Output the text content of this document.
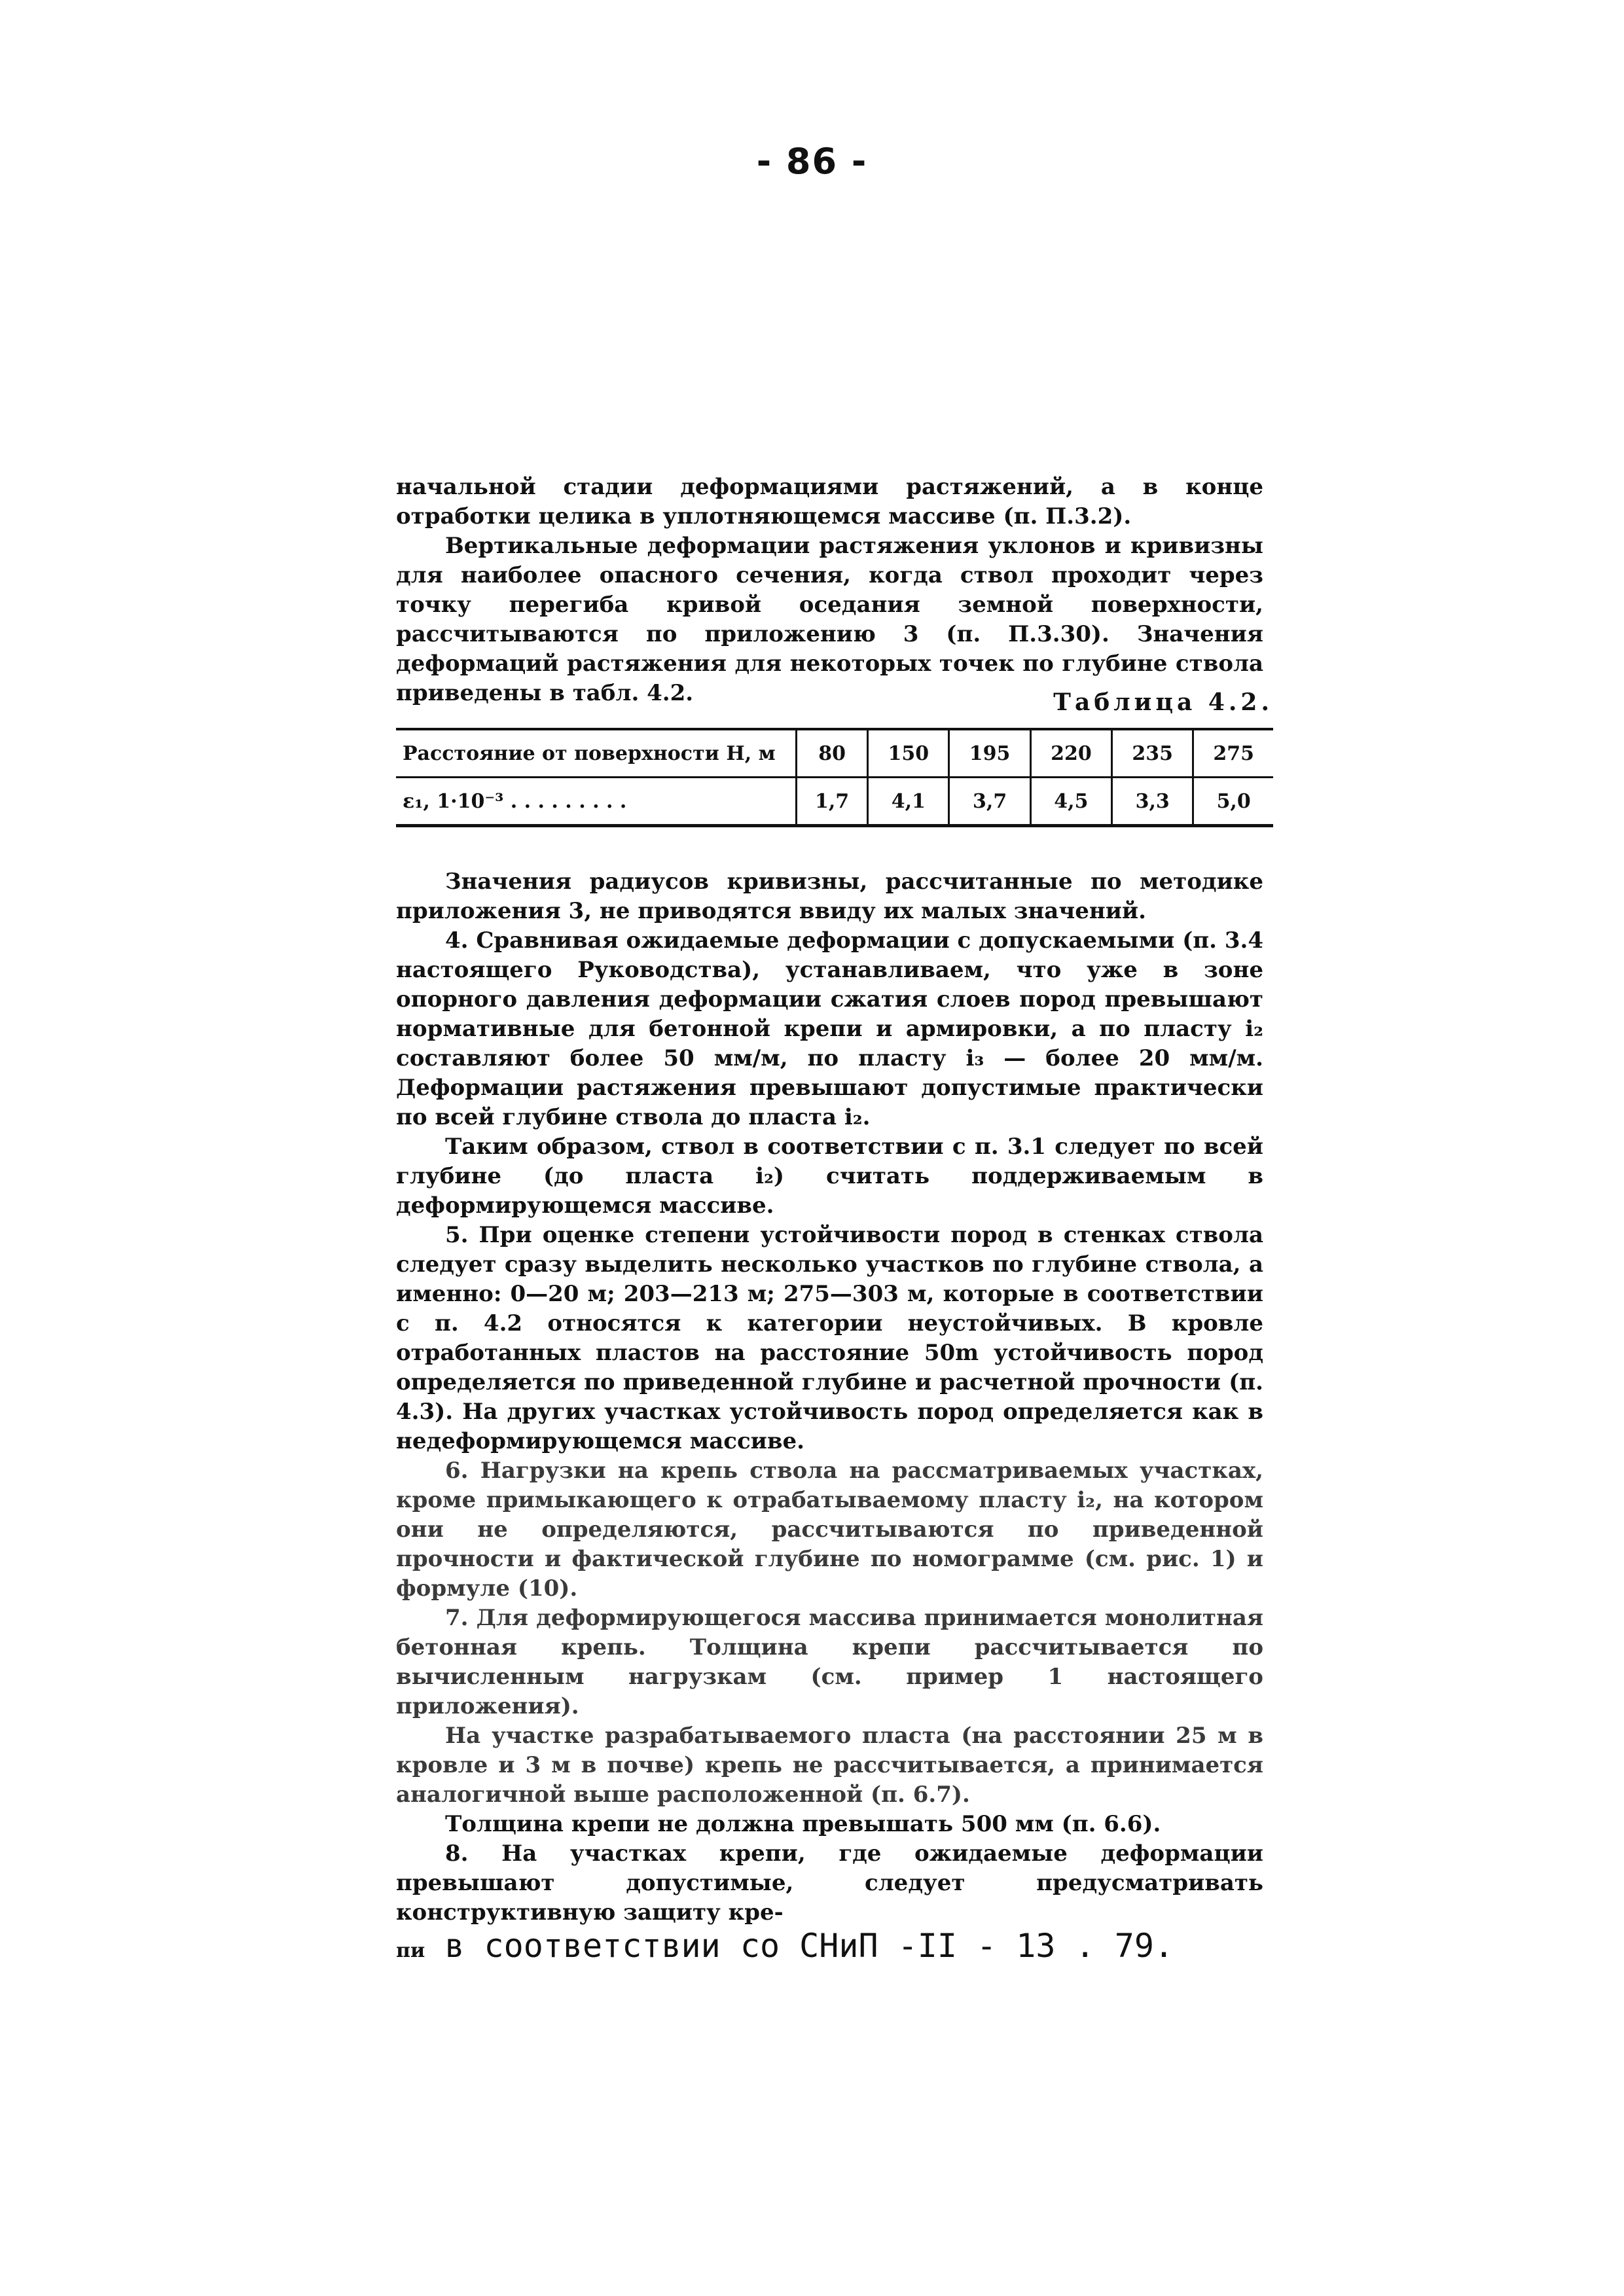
- 86 -

начальной стадии деформациями растяжений, а в конце отработки целика в уплотняющемся массиве (п. П.3.2).

Вертикальные деформации растяжения уклонов и кривизны для наиболее опасного сечения, когда ствол проходит через точку перегиба кривой оседания земной поверхности, рассчитываются по приложению 3 (п. П.3.30). Значения деформаций растяжения для некоторых точек по глубине ствола приведены в табл. 4.2.	Таблица 4.2.
Расстояние от поверхности Н, м	80	150	195	220	235	275
ε₁, 1·10⁻³ . . . . . . . . .	1,7	4,1	3,7	4,5	3,3	5,0

Значения радиусов кривизны, рассчитанные по методике приложения 3, не приводятся ввиду их малых значений.

4. Сравнивая ожидаемые деформации с допускаемыми (п. 3.4 настоящего Руководства), устанавливаем, что уже в зоне опорного давления деформации сжатия слоев пород превышают нормативные для бетонной крепи и армировки, а по пласту i₂ составляют более 50 мм/м, по пласту i₃ — более 20 мм/м. Деформации растяжения превышают допустимые практически по всей глубине ствола до пласта i₂.

Таким образом, ствол в соответствии с п. 3.1 следует по всей глубине (до пласта i₂) считать поддерживаемым в деформирующемся массиве.

5. При оценке степени устойчивости пород в стенках ствола следует сразу выделить несколько участков по глубине ствола, а именно: 0—20 м; 203—213 м; 275—303 м, которые в соответствии с п. 4.2 относятся к категории неустойчивых. В кровле отработанных пластов на расстояние 50m устойчивость пород определяется по приведенной глубине и расчетной прочности (п. 4.3). На других участках устойчивость пород определяется как в недеформирующемся массиве.

6. Нагрузки на крепь ствола на рассматриваемых участках, кроме примыкающего к отрабатываемому пласту i₂, на котором они не определяются, рассчитываются по приведенной прочности и фактической глубине по номограмме (см. рис. 1) и формуле (10).

7. Для деформирующегося массива принимается монолитная бетонная крепь. Толщина крепи рассчитывается по вычисленным нагрузкам (см. пример 1 настоящего приложения).

На участке разрабатываемого пласта (на расстоянии 25 м в кровле и 3 м в почве) крепь не рассчитывается, а принимается аналогичной выше расположенной (п. 6.7).

Толщина крепи не должна превышать 500 мм (п. 6.6).

8. На участках крепи, где ожидаемые деформации превышают допустимые, следует предусматривать конструктивную защиту кре-

пи в соответствии со СНиП -II - 13 . 79.
